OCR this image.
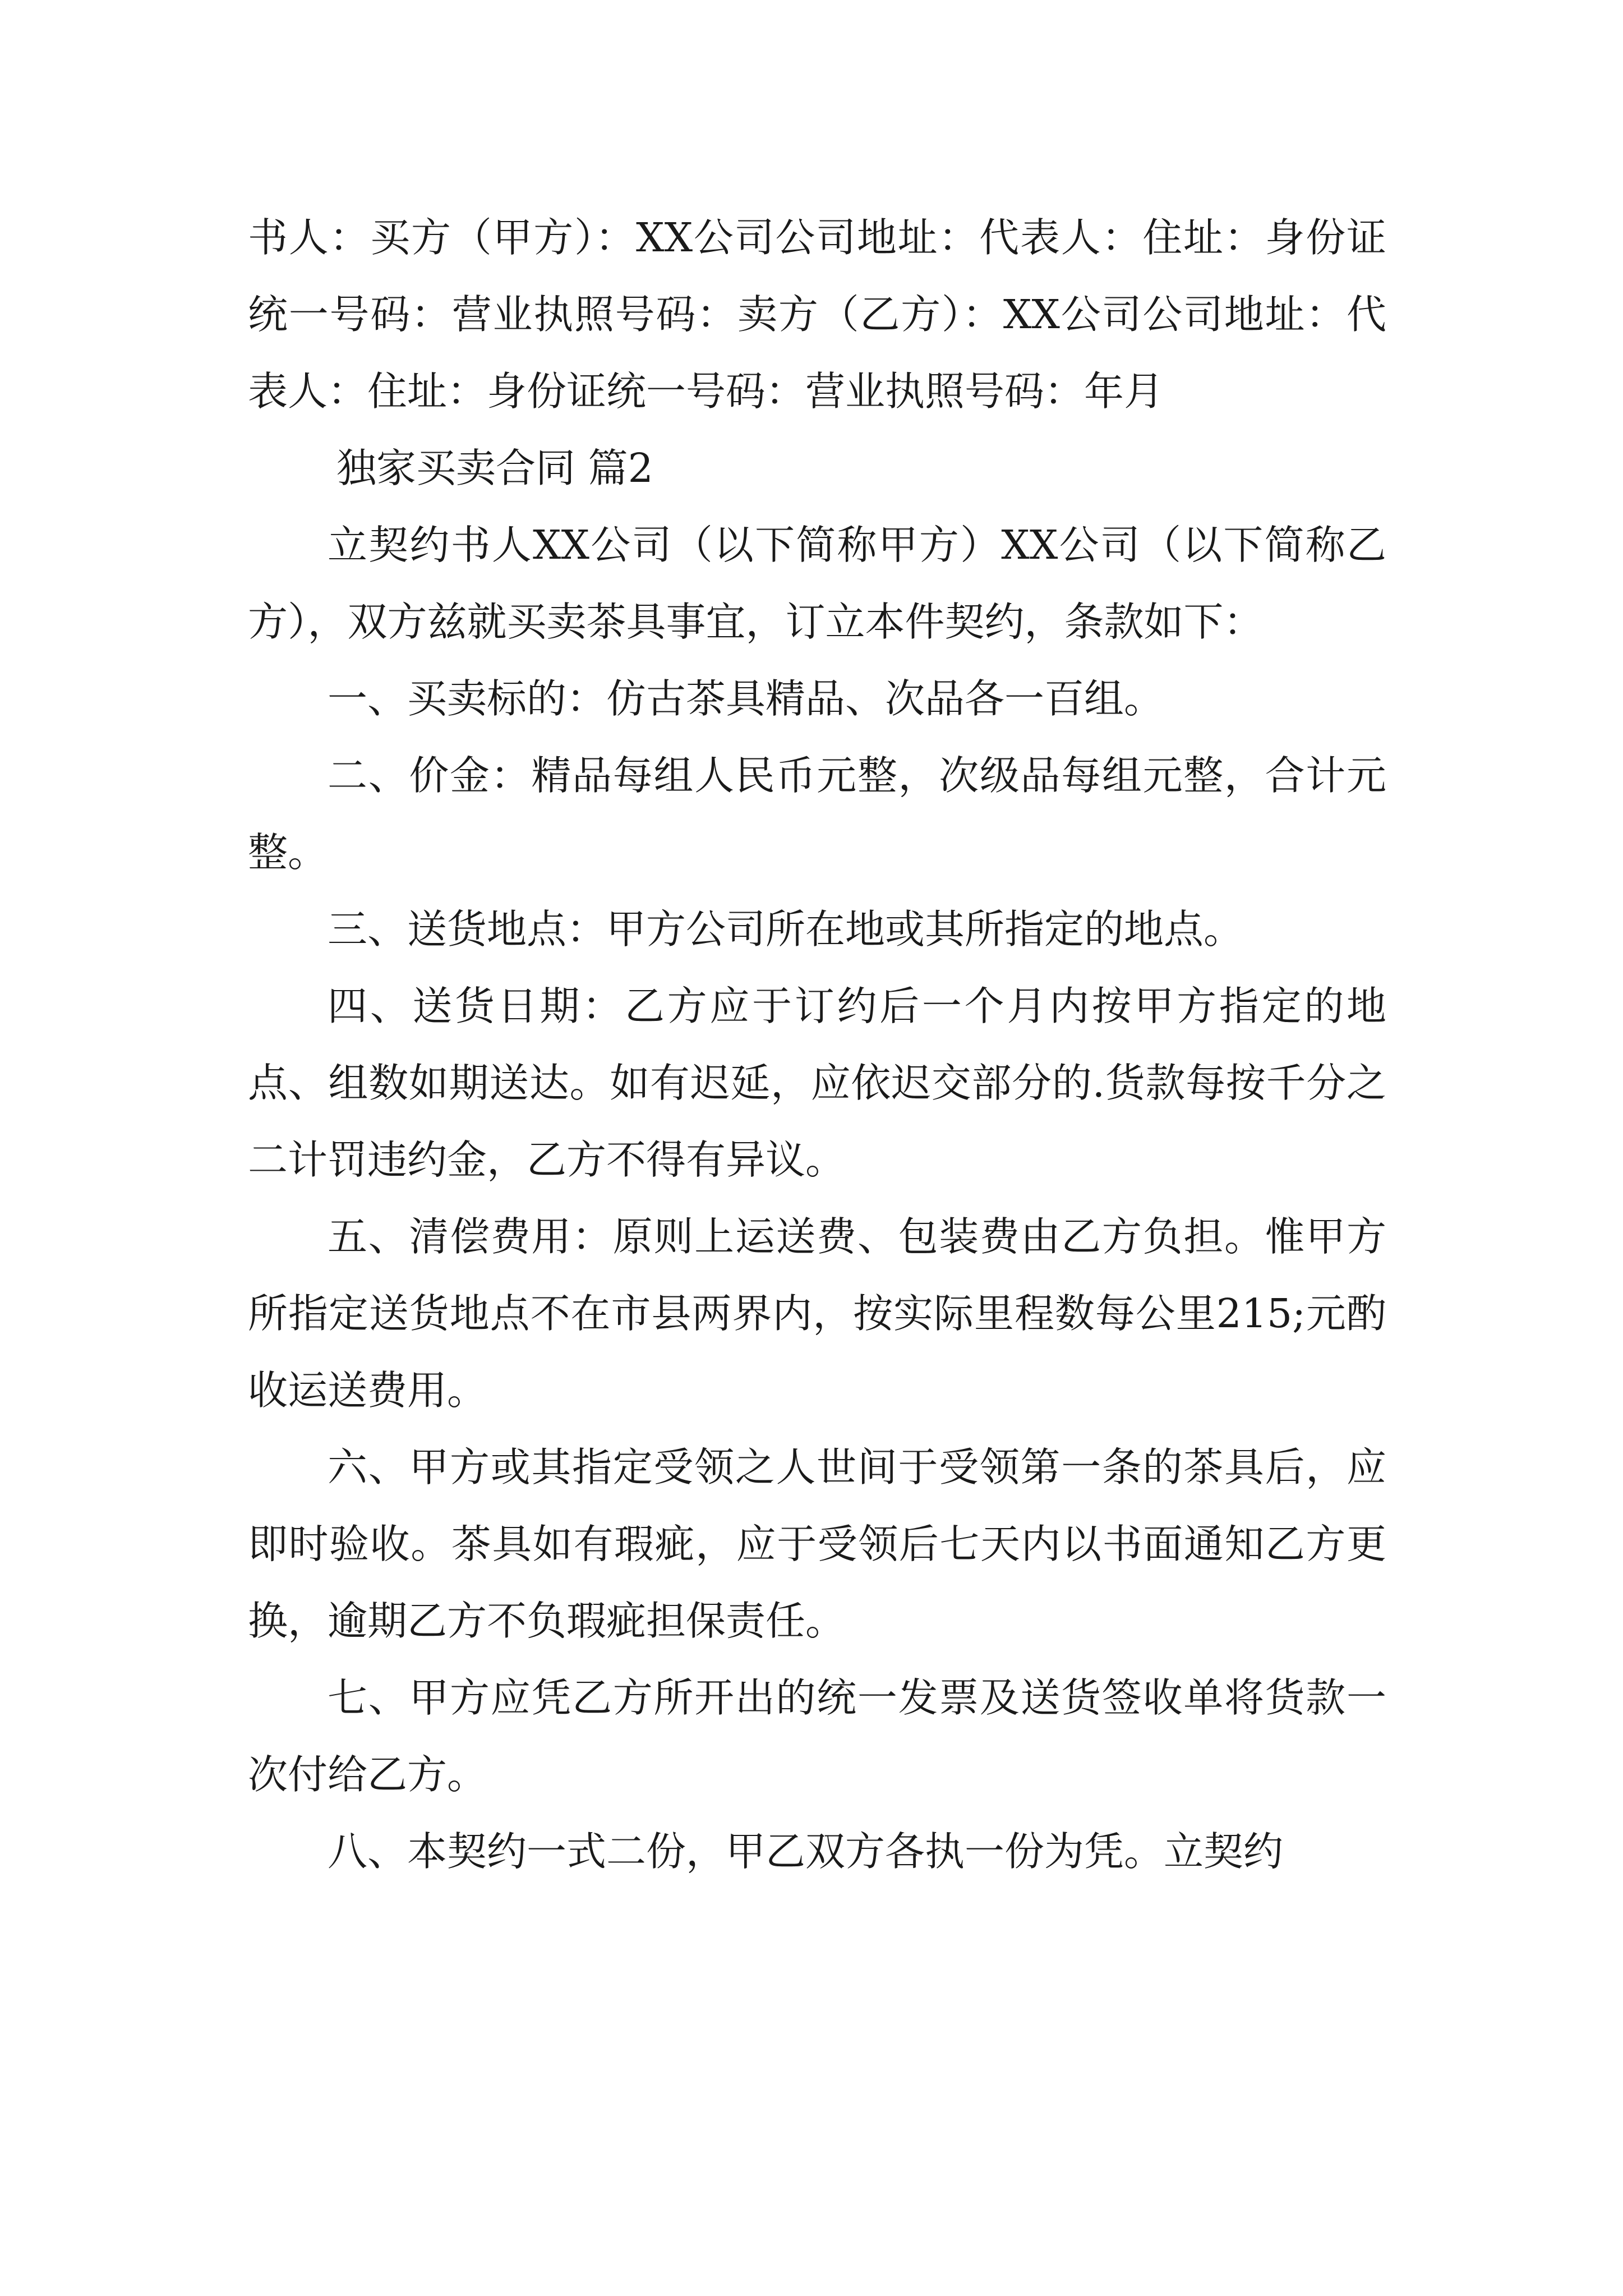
书人：买方（甲方）：XX公司公司地址：代表人：住址：身份证统一号码：营业执照号码：卖方（乙方）：XX公司公司地址：代表人：住址：身份证统一号码：营业执照号码：年月

独家买卖合同 篇2

立契约书人XX公司（以下简称甲方）XX公司（以下简称乙方），双方兹就买卖茶具事宜，订立本件契约，条款如下：

一、买卖标的：仿古茶具精品、次品各一百组。

二、价金：精品每组人民币元整，次级品每组元整，合计元整。

三、送货地点：甲方公司所在地或其所指定的地点。

四、送货日期：乙方应于订约后一个月内按甲方指定的地点、组数如期送达。如有迟延，应依迟交部分的.货款每按千分之二计罚违约金，乙方不得有异议。

五、清偿费用：原则上运送费、包装费由乙方负担。惟甲方所指定送货地点不在市县两界内，按实际里程数每公里215;元酌收运送费用。

六、甲方或其指定受领之人世间于受领第一条的茶具后，应即时验收。茶具如有瑕疵，应于受领后七天内以书面通知乙方更换，逾期乙方不负瑕疵担保责任。

七、甲方应凭乙方所开出的统一发票及送货签收单将货款一次付给乙方。

八、本契约一式二份，甲乙双方各执一份为凭。立契约
